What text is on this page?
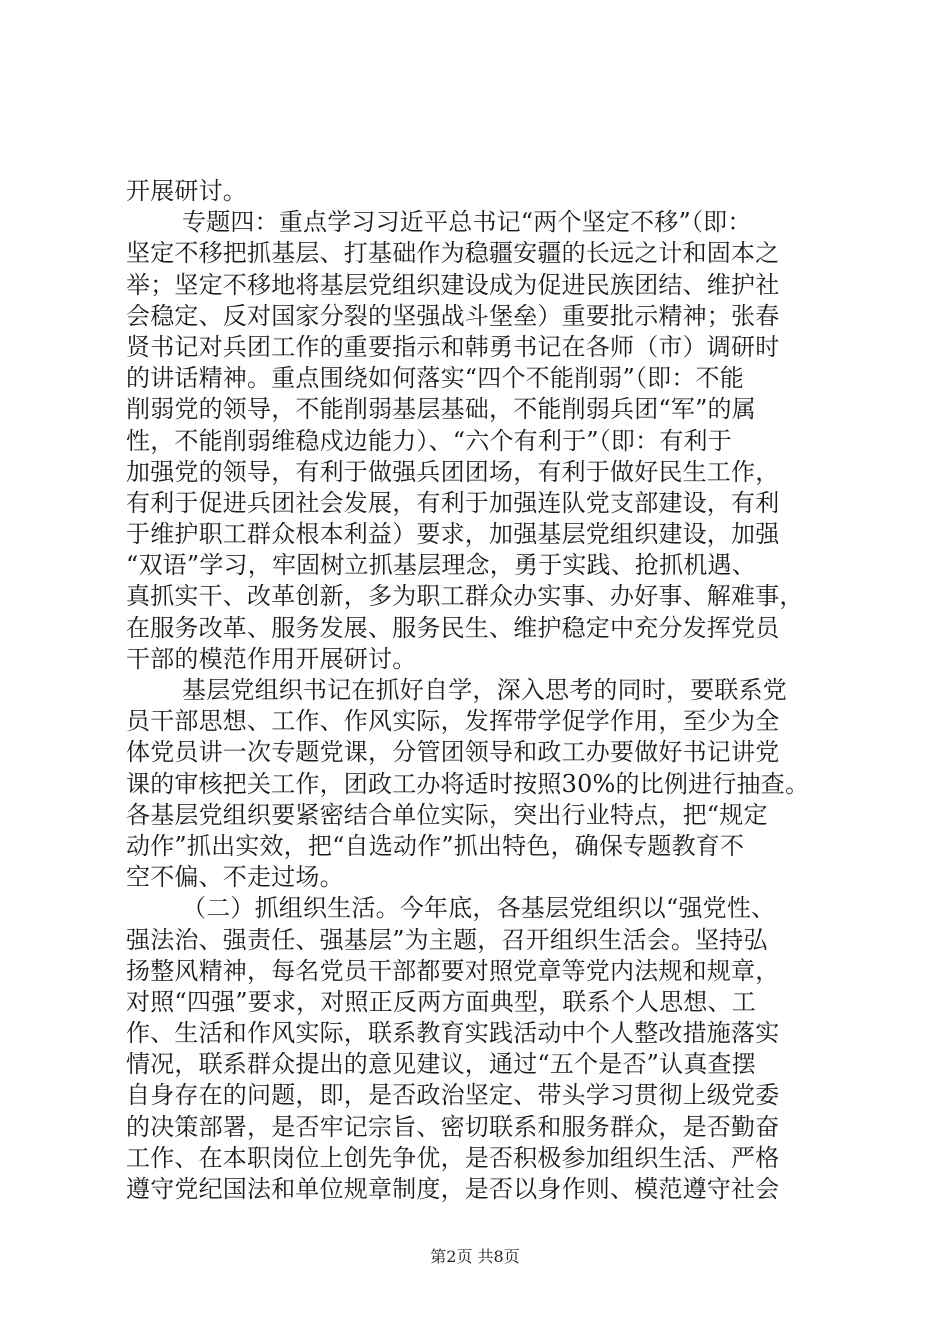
开展研讨。
专题四：重点学习习近平总书记“两个坚定不移”（即：
坚定不移把抓基层、打基础作为稳疆安疆的长远之计和固本之
举；坚定不移地将基层党组织建设成为促进民族团结、维护社
会稳定、反对国家分裂的坚强战斗堡垒）重要批示精神；张春
贤书记对兵团工作的重要指示和韩勇书记在各师（市）调研时
的讲话精神。重点围绕如何落实“四个不能削弱”（即：不能
削弱党的领导，不能削弱基层基础，不能削弱兵团“军”的属
性，不能削弱维稳戍边能力）、“六个有利于”（即：有利于
加强党的领导，有利于做强兵团团场，有利于做好民生工作，
有利于促进兵团社会发展，有利于加强连队党支部建设，有利
于维护职工群众根本利益）要求，加强基层党组织建设，加强
“双语”学习，牢固树立抓基层理念，勇于实践、抢抓机遇、
真抓实干、改革创新，多为职工群众办实事、办好事、解难事，
在服务改革、服务发展、服务民生、维护稳定中充分发挥党员
干部的模范作用开展研讨。
基层党组织书记在抓好自学，深入思考的同时，要联系党
员干部思想、工作、作风实际，发挥带学促学作用，至少为全
体党员讲一次专题党课，分管团领导和政工办要做好书记讲党
课的审核把关工作，团政工办将适时按照30%的比例进行抽查。
各基层党组织要紧密结合单位实际，突出行业特点，把“规定
动作”抓出实效，把“自选动作”抓出特色，确保专题教育不
空不偏、不走过场。
（二）抓组织生活。今年底，各基层党组织以“强党性、
强法治、强责任、强基层”为主题，召开组织生活会。坚持弘
扬整风精神，每名党员干部都要对照党章等党内法规和规章，
对照“四强”要求，对照正反两方面典型，联系个人思想、工
作、生活和作风实际，联系教育实践活动中个人整改措施落实
情况，联系群众提出的意见建议，通过“五个是否”认真查摆
自身存在的问题，即，是否政治坚定、带头学习贯彻上级党委
的决策部署，是否牢记宗旨、密切联系和服务群众，是否勤奋
工作、在本职岗位上创先争优，是否积极参加组织生活、严格
遵守党纪国法和单位规章制度，是否以身作则、模范遵守社会
第2页 共8页
